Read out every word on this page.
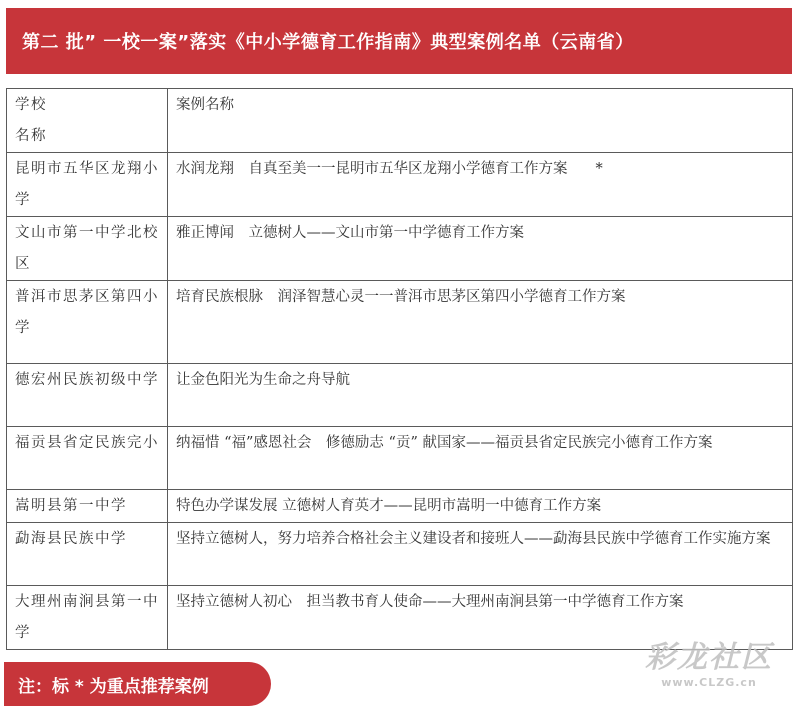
第二 批” 一校一案”落实《中小学德育工作指南》典型案例名单（云南省）
学校名称	案例名称
昆明市五华区龙翔小学	水润龙翔　自真至美一一昆明市五华区龙翔小学德育工作方案 *
文山市第一中学北校区	雅正博闻　立德树人——文山市第一中学德育工作方案
普洱市思茅区第四小学	培育民族根脉　润泽智慧心灵一一普洱市思茅区第四小学德育工作方案
德宏州民族初级中学	让金色阳光为生命之舟导航
福贡县省定民族完小	纳福惜 “福”感恩社会　修德励志 “贡” 献国家——福贡县省定民族完小德育工作方案
嵩明县第一中学	特色办学谋发展 立德树人育英才——昆明市嵩明一中德育工作方案
勐海县民族中学	坚持立德树人，努力培养合格社会主义建设者和接班人——勐海县民族中学德育工作实施方案
大理州南涧县第一中学	坚持立德树人初心　担当教书育人使命——大理州南涧县第一中学德育工作方案
注：标 * 为重点推荐案例
彩龙社区
www.CLZG.cn
